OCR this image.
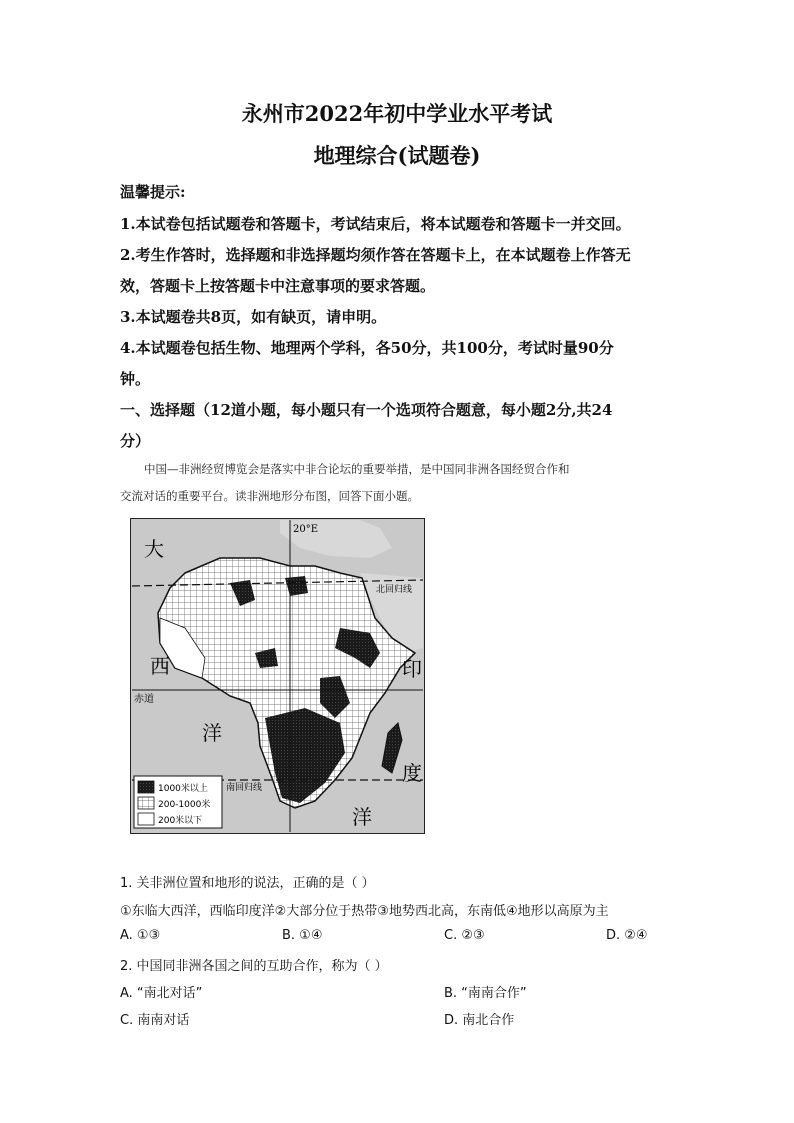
永州市2022年初中学业水平考试
地理综合(试题卷)
温馨提示:
1.本试卷包括试题卷和答题卡，考试结束后，将本试题卷和答题卡一并交回。
2.考生作答时，选择题和非选择题均须作答在答题卡上，在本试题卷上作答无
效，答题卡上按答题卡中注意事项的要求答题。
3.本试题卷共8页，如有缺页，请申明。
4.本试题卷包括生物、地理两个学科，各50分，共100分，考试时量90分
钟。
一、选择题（12道小题，每小题只有一个选项符合题意，每小题2分,共24
分）
中国—非洲经贸博览会是落实中非合论坛的重要举措，是中国同非洲各国经贸合作和
交流对话的重要平台。读非洲地形分布图，回答下面小题。
大
西
洋
印
度
洋
20°E
北回归线
赤道
南回归线
1000米以上
200-1000米
200米以下
1. 关非洲位置和地形的说法，正确的是（ ）
①东临大西洋，西临印度洋②大部分位于热带③地势西北高，东南低④地形以高原为主
A. ①③	B. ①④	C. ②③	D. ②④
2. 中国同非洲各国之间的互助合作，称为（ ）
A. “南北对话”	B. “南南合作”
C. 南南对话	D. 南北合作
